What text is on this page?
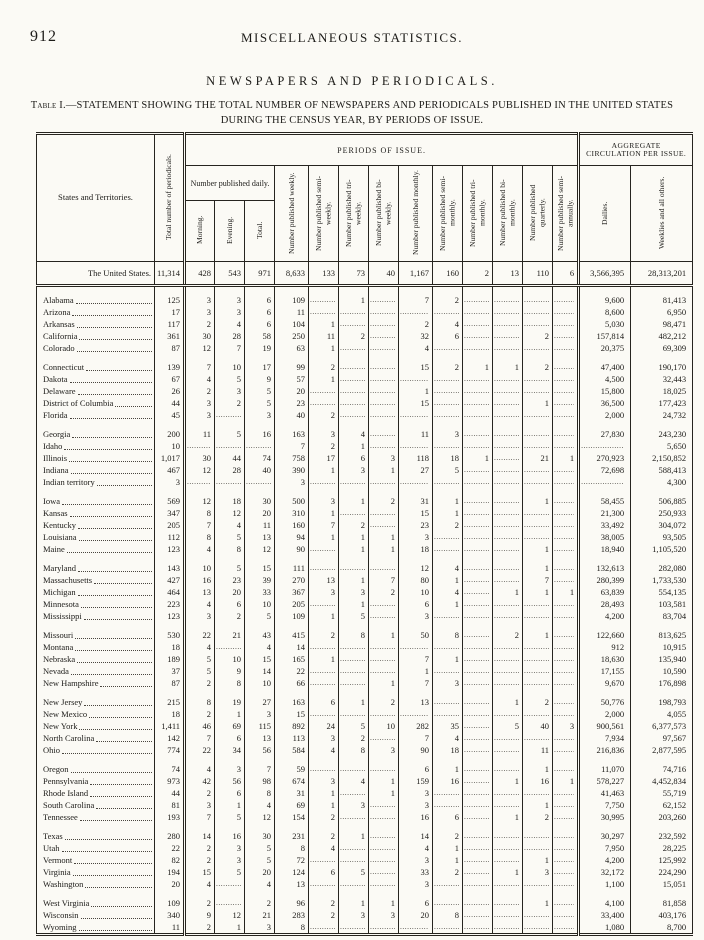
912	MISCELLANEOUS STATISTICS.
NEWSPAPERS AND PERIODICALS.
Table I.—STATEMENT SHOWING THE TOTAL NUMBER OF NEWSPAPERS AND PERIODICALS PUBLISHED IN THE UNITED STATES DURING THE CENSUS YEAR, BY PERIODS OF ISSUE.
States and Territories.	Total number of periodicals.	PERIODS OF ISSUE.													AGGREGATE CIRCULATION PER ISSUE.	
		Number published daily.			Number published weekly.	Number published semi-weekly.	Number published tri-weekly.	Number published bi-weekly.	Number published monthly.	Number published semi-monthly.	Number published tri-monthly.	Number published bi-monthly.	Number published quarterly.	Number published semi-annually.	Dailies.	Weeklies and all others.
		Morning.	Evening.	Total.												

The United States.	11,314	428	543	971	8,633	133	73	40	1,167	160	2	13	110	6	3,566,395	28,313,201

Alabama	125	3	3	6	109	.....	1	.....	7	2	.....	.....	.....	.....	9,600	81,413

Arizona	17	3	3	6	11	.....	.....	.....	.....	.....	.....	.....	.....	.....	8,600	6,950

Arkansas	117	2	4	6	104	1	.....	.....	2	4	.....	.....	.....	.....	5,030	98,471

California	361	30	28	58	250	11	2	.....	32	6	.....	.....	2	.....	157,814	482,212

Colorado	87	12	7	19	63	1	.....	.....	4	.....	.....	.....	.....	.....	20,375	69,309

Connecticut	139	7	10	17	99	2	.....	.....	15	2	1	1	2	.....	47,400	190,170

Dakota	67	4	5	9	57	1	.....	.....	.....	.....	.....	.....	.....	.....	4,500	32,443

Delaware	26	2	3	5	20	.....	.....	.....	1	.....	.....	.....	.....	.....	15,800	18,025

District of Columbia	44	3	2	5	23	.....	.....	.....	15	.....	.....	.....	1	.....	36,500	177,423

Florida	45	3	.....	3	40	2	.....	.....	.....	.....	.....	.....	.....	.....	2,000	24,732

Georgia	200	11	5	16	163	3	4	.....	11	3	.....	.....	.....	.....	27,830	243,230

Idaho	10	.....	.....	.....	7	2	1	.....	.....	.....	.....	.....	.....	.....	.....	5,650

Illinois	1,017	30	44	74	758	17	6	3	118	18	1	.....	21	1	270,923	2,150,852

Indiana	467	12	28	40	390	1	3	1	27	5	.....	.....	.....	.....	72,698	588,413

Indian territory	3	.....	.....	.....	3	.....	.....	.....	.....	.....	.....	.....	.....	.....	.....	4,300

Iowa	569	12	18	30	500	3	1	2	31	1	.....	.....	1	.....	58,455	506,885

Kansas	347	8	12	20	310	1	.....	.....	15	1	.....	.....	.....	.....	21,300	250,933

Kentucky	205	7	4	11	160	7	2	.....	23	2	.....	.....	.....	.....	33,492	304,072

Louisiana	112	8	5	13	94	1	1	1	3	.....	.....	.....	.....	.....	38,005	93,505

Maine	123	4	8	12	90	.....	1	1	18	.....	.....	.....	1	.....	18,940	1,105,520

Maryland	143	10	5	15	111	.....	.....	.....	12	4	.....	.....	1	.....	132,613	282,080

Massachusetts	427	16	23	39	270	13	1	7	80	1	.....	.....	7	.....	280,399	1,733,530

Michigan	464	13	20	33	367	3	3	2	10	4	.....	1	1	1	63,839	554,135

Minnesota	223	4	6	10	205	.....	1	.....	6	1	.....	.....	.....	.....	28,493	103,581

Mississippi	123	3	2	5	109	1	5	.....	3	.....	.....	.....	.....	.....	4,200	83,704

Missouri	530	22	21	43	415	2	8	1	50	8	.....	2	1	.....	122,660	813,625

Montana	18	4	.....	4	14	.....	.....	.....	.....	.....	.....	.....	.....	.....	912	10,915

Nebraska	189	5	10	15	165	1	.....	.....	7	1	.....	.....	.....	.....	18,630	135,940

Nevada	37	5	9	14	22	.....	.....	.....	1	.....	.....	.....	.....	.....	17,155	10,590

New Hampshire	87	2	8	10	66	.....	.....	1	7	3	.....	.....	.....	.....	9,670	176,898

New Jersey	215	8	19	27	163	6	1	2	13	.....	.....	1	2	.....	50,776	198,793

New Mexico	18	2	1	3	15	.....	.....	.....	.....	.....	.....	.....	.....	.....	2,000	4,055

New York	1,411	46	69	115	892	24	5	10	282	35	.....	5	40	3	900,561	6,377,573

North Carolina	142	7	6	13	113	3	2	.....	7	4	.....	.....	.....	.....	7,934	97,567

Ohio	774	22	34	56	584	4	8	3	90	18	.....	.....	11	.....	216,836	2,877,595

Oregon	74	4	3	7	59	.....	.....	.....	6	1	.....	.....	1	.....	11,070	74,716

Pennsylvania	973	42	56	98	674	3	4	1	159	16	.....	1	16	1	578,227	4,452,834

Rhode Island	44	2	6	8	31	1	.....	1	3	.....	.....	.....	.....	.....	41,463	55,719

South Carolina	81	3	1	4	69	1	3	.....	3	.....	.....	.....	1	.....	7,750	62,152

Tennessee	193	7	5	12	154	2	.....	.....	16	6	.....	1	2	.....	30,995	203,260

Texas	280	14	16	30	231	2	1	.....	14	2	.....	.....	.....	.....	30,297	232,592

Utah	22	2	3	5	8	4	.....	.....	4	1	.....	.....	.....	.....	7,950	28,225

Vermont	82	2	3	5	72	.....	.....	.....	3	1	.....	.....	1	.....	4,200	125,992

Virginia	194	15	5	20	124	6	5	.....	33	2	.....	1	3	.....	32,172	224,290

Washington	20	4	.....	4	13	.....	.....	.....	3	.....	.....	.....	.....	.....	1,100	15,051

West Virginia	109	2	.....	2	96	2	1	1	6	.....	.....	.....	1	.....	4,100	81,858

Wisconsin	340	9	12	21	283	2	3	3	20	8	.....	.....	.....	.....	33,400	403,176

Wyoming	11	2	1	3	8	.....	.....	.....	.....	.....	.....	.....	.....	.....	1,080	8,700
